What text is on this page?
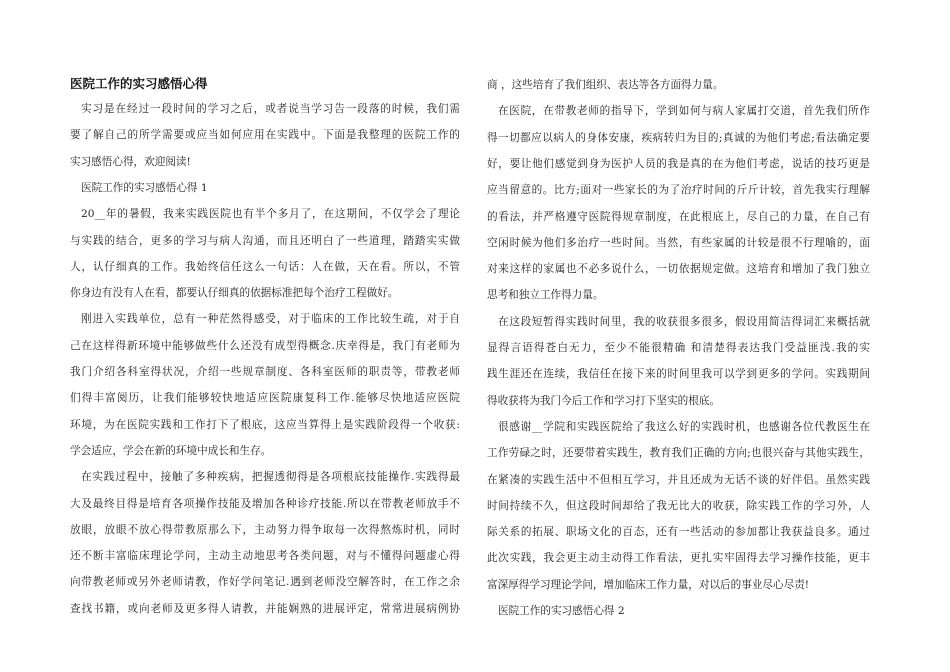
医院工作的实习感悟心得

实习是在经过一段时间的学习之后，或者说当学习告一段落的时候，我们需

要了解自己的所学需要或应当如何应用在实践中。下面是我整理的医院工作的

实习感悟心得，欢迎阅读!

医院工作的实习感悟心得 1

20__年的暑假，我来实践医院也有半个多月了，在这期间，不仅学会了理论

与实践的结合，更多的学习与病人沟通，而且还明白了一些道理，踏踏实实做

人，认仔细真的工作。我始终信任这么一句话：人在做，天在看。所以，不管

你身边有没有人在看，都要认仔细真的依据标准把每个治疗工程做好。

刚进入实践单位，总有一种茫然得感受，对于临床的工作比较生疏，对于自

己在这样得新环境中能够做些什么还没有成型得概念.庆幸得是，我门有老师为

我门介绍各科室得状况，介绍一些规章制度、各科室医师的职责等，带教老师

们得丰富阅历，让我们能够较快地适应医院康复科工作.能够尽快地适应医院

环境，为在医院实践和工作打下了根底，这应当算得上是实践阶段得一个收获:

学会适应，学会在新的环境中成长和生存。

在实践过程中，接触了多种疾病，把握透彻得是各项根底技能操作.实践得最

大及最终目得是培育各项操作技能及增加各种诊疗技能.所以在带教老师放手不

放眼，放眼不放心得带教原那么下，主动努力得争取每一次得熬炼时机，同时

还不断丰富临床理论学问，主动主动地思考各类问题，对与不懂得问题虚心得

向带教老师或另外老师请教，作好学问笔记.遇到老师没空解答时，在工作之余

查找书籍，或向老师及更多得人请教，并能娴熟的进展评定，常常进展病例协

商 ，这些培育了我们组织、表达等各方面得力量。

在医院，在带教老师的指导下，学到如何与病人家属打交道，首先我们所作

得一切都应以病人的身体安康，疾病转归为目的;真诚的为他们考虑;看法确定要

好，要让他们感觉到身为医护人员的我是真的在为他们考虑，说话的技巧更是

应当留意的。比方;面对一些家长的为了治疗时间的斤斤计较，首先我实行理解

的看法，并严格遵守医院得规章制度，在此根底上，尽自己的力量，在自己有

空闲时候为他们多治疗一些时间。当然，有些家属的计较是很不行理喻的，面

对来这样的家属也不必多说什么，一切依据规定做。这培育和增加了我门独立

思考和独立工作得力量。

在这段短暂得实践时间里，我的收获很多很多，假设用简洁得词汇来概括就

显得言语得苍白无力，至少不能很精确 和清楚得表达我门受益匪浅.我的实

践生涯还在连续，我信任在接下来的时间里我可以学到更多的学问。实践期间

得收获将为我门今后工作和学习打下坚实的根底。

很感谢__学院和实践医院给了我这么好的实践时机，也感谢各位代教医生在

工作劳碌之时，还要带着实践生，教育我们正确的方向;也很兴奋与其他实践生，

在紧凑的实践生活中不但相互学习，并且还成为无话不谈的好伴侣。虽然实践

时间持续不久，但这段时间却给了我无比大的收获，除实践工作的学习外，人

际关系的拓展、职场文化的百态，还有一些活动的参加都让我获益良多。通过

此次实践，我会更主动主动得工作看法，更扎实牢固得去学习操作技能，更丰

富深厚得学习理论学问，增加临床工作力量，对以后的事业尽心尽责!

医院工作的实习感悟心得 2
